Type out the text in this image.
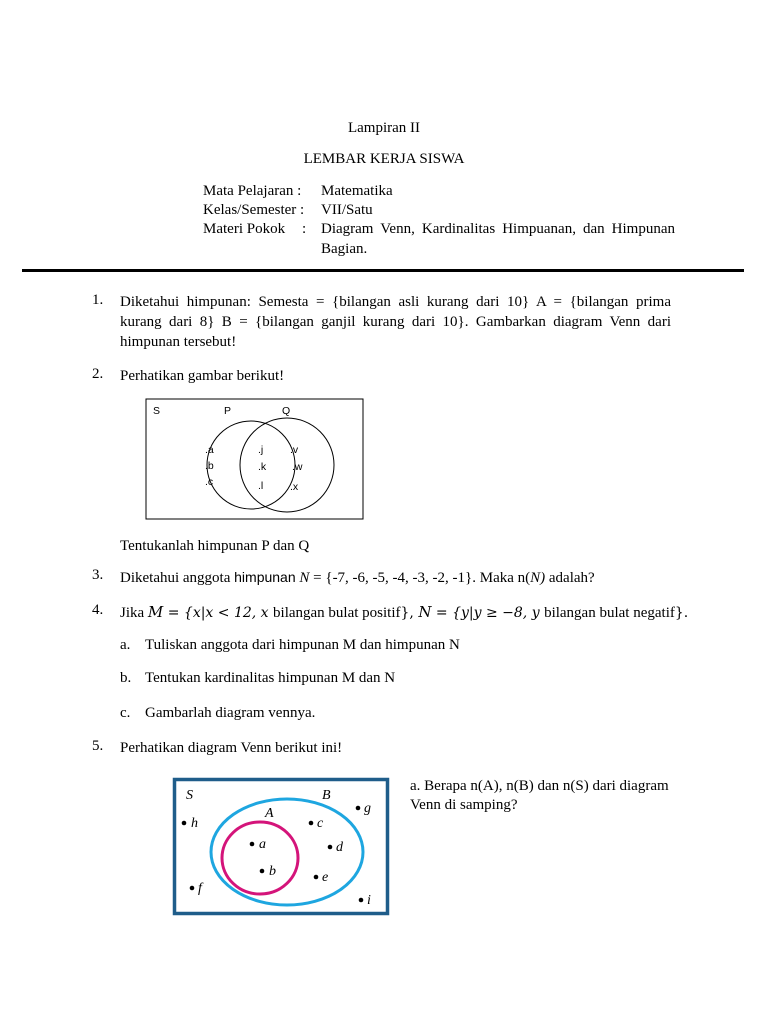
Lampiran II
LEMBAR KERJA SISWA
Mata Pelajaran : Matematika
Kelas/Semester : VII/Satu
Materi Pokok : Diagram Venn, Kardinalitas Himpuanan, dan Himpunan
Bagian.
1. Diketahui himpunan: Semesta = {bilangan asli kurang dari 10} A = {bilangan prima
kurang dari 8} B = {bilangan ganjil kurang dari 10}. Gambarkan diagram Venn dari
himpunan tersebut!
2. Perhatikan gambar berikut!
S	P	Q
.a
.b
.c
.j
.k
.l
.v
.w
.x
Tentukanlah himpunan P dan Q
3. Diketahui anggota himpunan N = {-7, -6, -5, -4, -3, -2, -1}. Maka n(N) adalah?
4. Jika M = {x|x < 12, x bilangan bulat positif}, N = {y|y ≥ −8, y bilangan bulat negatif}.
a. Tuliskan anggota dari himpunan M dan himpunan N
b. Tentukan kardinalitas himpunan M dan N
c. Gambarlah diagram vennya.
5. Perhatikan diagram Venn berikut ini!
a. Berapa n(A), n(B) dan n(S) dari diagram
Venn di samping?
S	B
A
h	c
g
a	d
b	e
f
i
